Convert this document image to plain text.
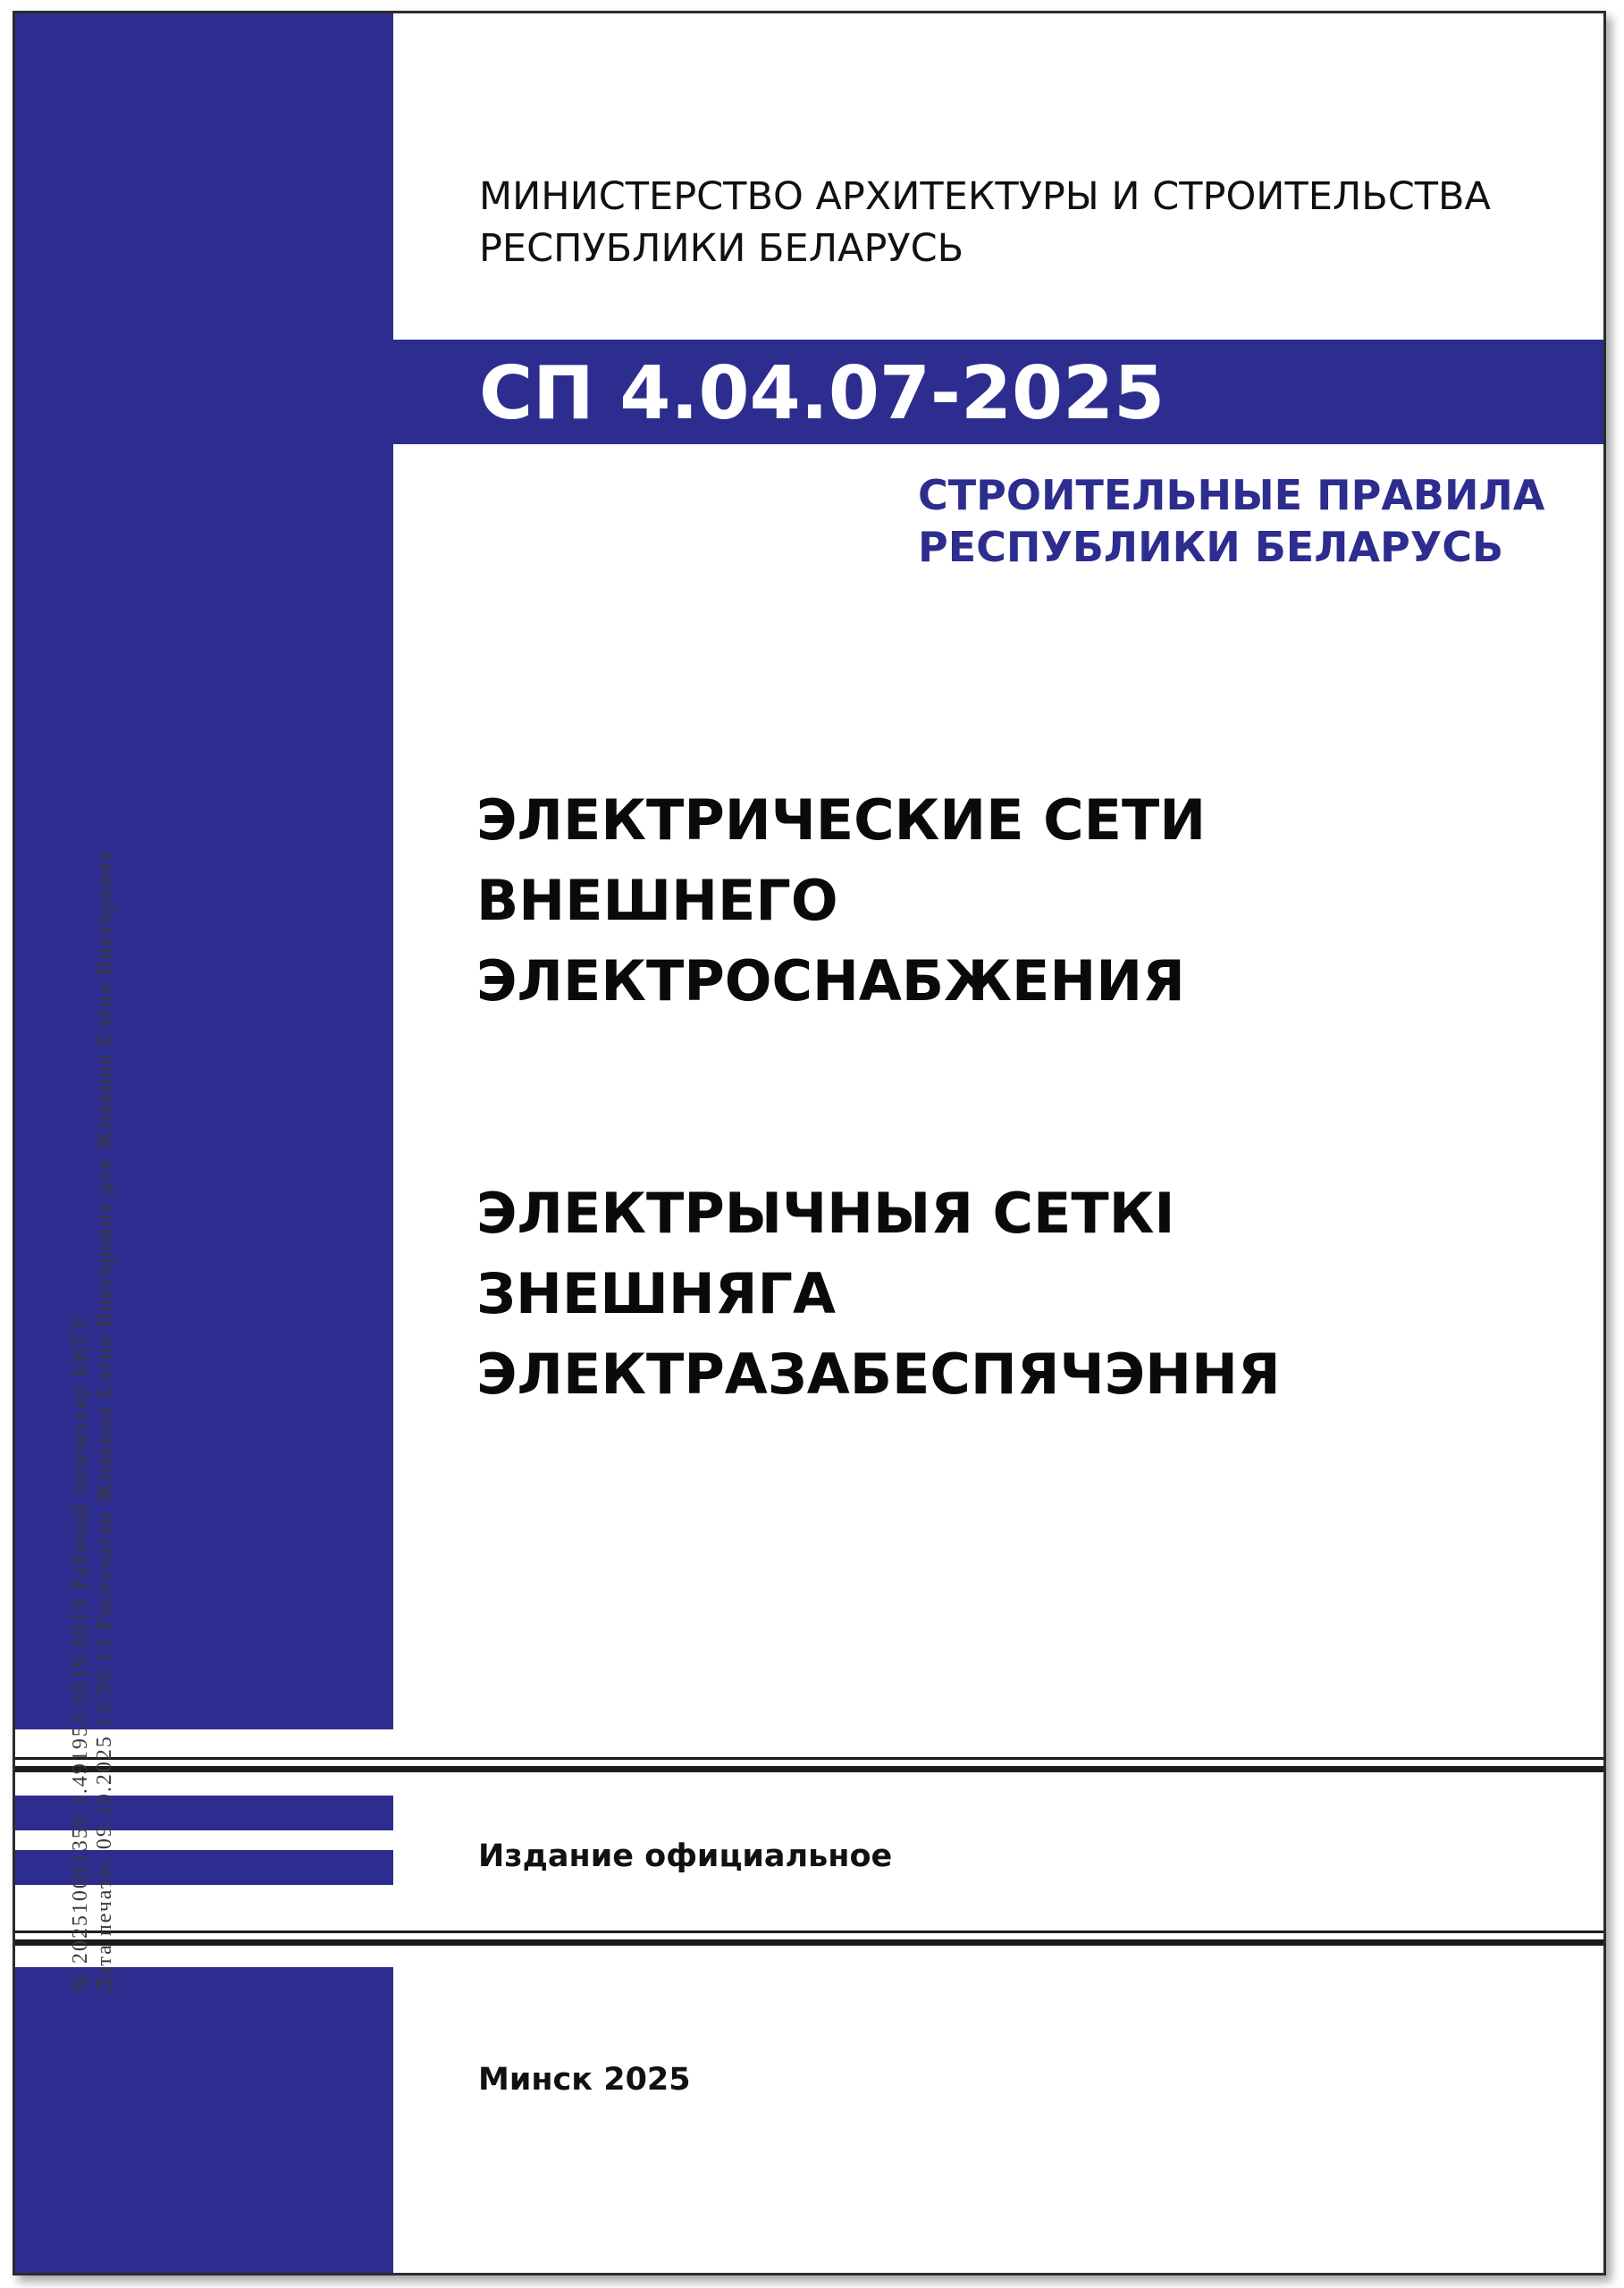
МИНИСТЕРСТВО АРХИТЕКТУРЫ И СТРОИТЕЛЬСТВА
РЕСПУБЛИКИ БЕЛАРУСЬ

СП 4.04.07-2025

СТРОИТЕЛЬНЫЕ ПРАВИЛА
РЕСПУБЛИКИ БЕЛАРУСЬ

ЭЛЕКТРИЧЕСКИЕ СЕТИ
ВНЕШНЕГО
ЭЛЕКТРОСНАБЖЕНИЯ
ЭЛЕКТРЫЧНЫЯ СЕТКІ
ЗНЕШНЯГА
ЭЛЕКТРАЗАБЕСПЯЧЭННЯ

Издание официальное

Минск 2025

№ 202510091359 3.491953.6919.6919 Рабочий экземпляр БНТУ Дата печати: 09.10.2025 13:59:13 Распечатан Жмакина Елена Викторовна для Жмакина Елена Викторовна
